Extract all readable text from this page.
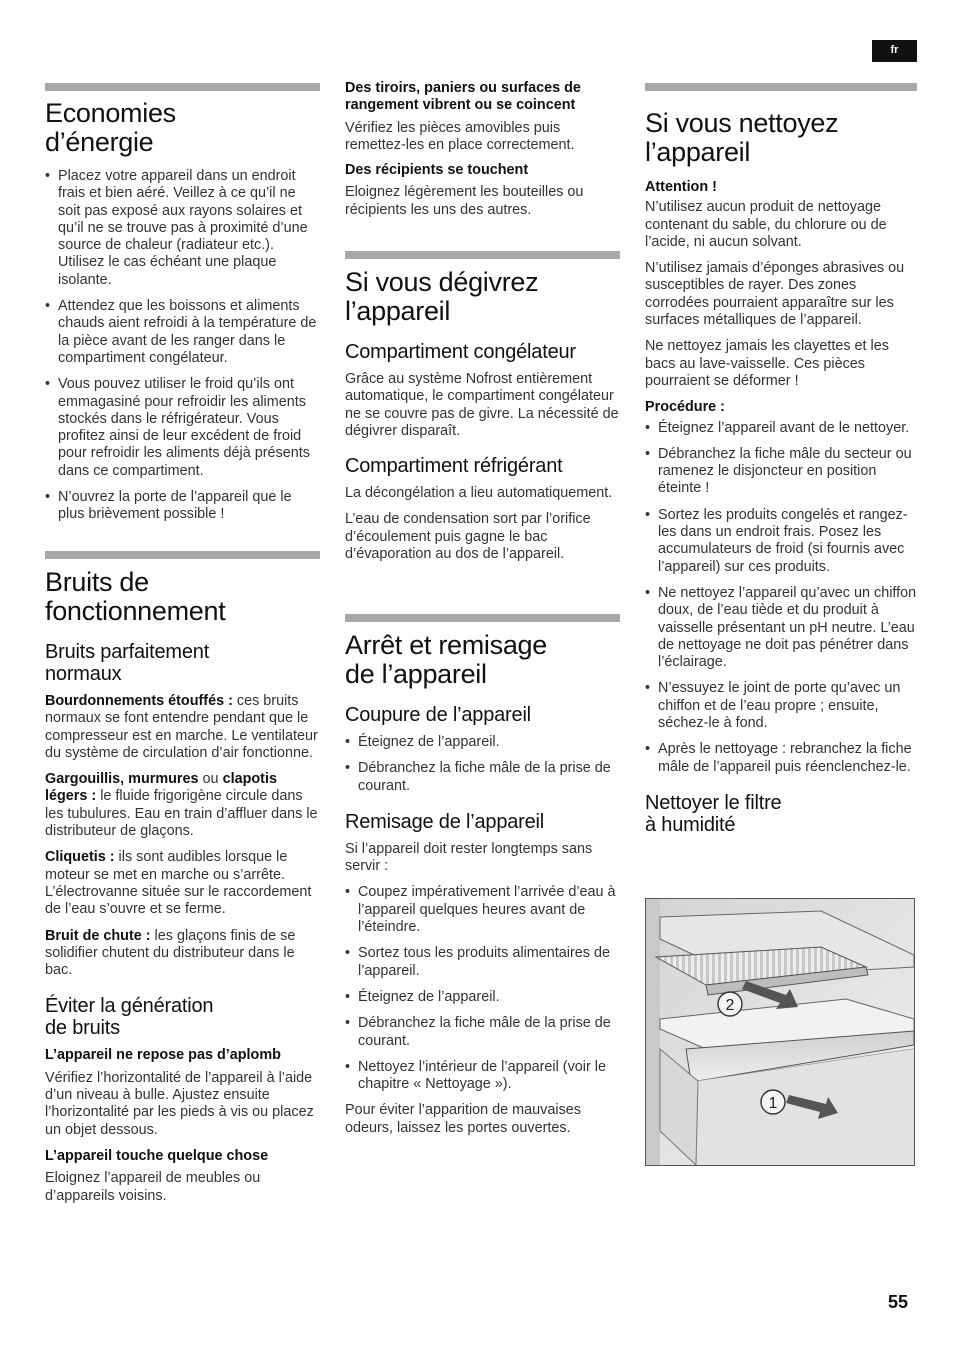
fr
Economies
d’énergie
• Placez votre appareil dans un endroit frais et bien aéré. Veillez à ce qu’il ne soit pas exposé aux rayons solaires et qu’il ne se trouve pas à proximité d’une source de chaleur (radiateur etc.). Utilisez le cas échéant une plaque isolante.
• Attendez que les boissons et aliments chauds aient refroidi à la température de la pièce avant de les ranger dans le compartiment congélateur.
• Vous pouvez utiliser le froid qu’ils ont emmagasiné pour refroidir les aliments stockés dans le réfrigérateur. Vous profitez ainsi de leur excédent de froid pour refroidir les aliments déjà présents dans ce compartiment.
• N’ouvrez la porte de l’appareil que le plus brièvement possible !
Bruits de
fonctionnement
Bruits parfaitement
normaux

Bourdonnements étouffés : ces bruits normaux se font entendre pendant que le compresseur est en marche. Le ventilateur du système de circulation d’air fonctionne.

Gargouillis, murmures ou clapotis légers : le fluide frigorigène circule dans les tubulures. Eau en train d’affluer dans le distributeur de glaçons.

Cliquetis : ils sont audibles lorsque le moteur se met en marche ou s’arrête. L’électrovanne située sur le raccordement de l’eau s’ouvre et se ferme.

Bruit de chute : les glaçons finis de se solidifier chutent du distributeur dans le bac.

Éviter la génération
de bruits

L’appareil ne repose pas d’aplomb

Vérifiez l’horizontalité de l’appareil à l’aide d’un niveau à bulle. Ajustez ensuite l’horizontalité par les pieds à vis ou placez un objet dessous.

L’appareil touche quelque chose

Eloignez l’appareil de meubles ou d’appareils voisins.

Des tiroirs, paniers ou surfaces de rangement vibrent ou se coincent

Vérifiez les pièces amovibles puis remettez-les en place correctement.

Des récipients se touchent

Eloignez légèrement les bouteilles ou récipients les uns des autres.

Si vous dégivrez
l’appareil
Compartiment congélateur

Grâce au système Nofrost entièrement automatique, le compartiment congélateur ne se couvre pas de givre. La nécessité de dégivrer disparaît.

Compartiment réfrigérant

La décongélation a lieu automatiquement.

L’eau de condensation sort par l’orifice d’écoulement puis gagne le bac d’évaporation au dos de l’appareil.

Arrêt et remisage
de l’appareil
Coupure de l’appareil
• Éteignez de l’appareil.
• Débranchez la fiche mâle de la prise de courant.
Remisage de l’appareil

Si l’appareil doit rester longtemps sans servir :

• Coupez impérativement l’arrivée d’eau à l’appareil quelques heures avant de l’éteindre.
• Sortez tous les produits alimentaires de l’appareil.
• Éteignez de l’appareil.
• Débranchez la fiche mâle de la prise de courant.
• Nettoyez l’intérieur de l’appareil (voir le chapitre « Nettoyage »).

Pour éviter l’apparition de mauvaises odeurs, laissez les portes ouvertes.

Si vous nettoyez
l’appareil

Attention !

N’utilisez aucun produit de nettoyage contenant du sable, du chlorure ou de l’acide, ni aucun solvant.

N’utilisez jamais d’éponges abrasives ou susceptibles de rayer. Des zones corrodées pourraient apparaître sur les surfaces métalliques de l’appareil.

Ne nettoyez jamais les clayettes et les bacs au lave-vaisselle. Ces pièces pourraient se déformer !

Procédure :

• Éteignez l’appareil avant de le nettoyer.
• Débranchez la fiche mâle du secteur ou ramenez le disjoncteur en position éteinte !
• Sortez les produits congelés et rangez-les dans un endroit frais. Posez les accumulateurs de froid (si fournis avec l’appareil) sur ces produits.
• Ne nettoyez l’appareil qu’avec un chiffon doux, de l’eau tiède et du produit à vaisselle présentant un pH neutre. L’eau de nettoyage ne doit pas pénétrer dans l’éclairage.
• N’essuyez le joint de porte qu’avec un chiffon et de l’eau propre ; ensuite, séchez-le à fond.
• Après le nettoyage : rebranchez la fiche mâle de l’appareil puis réenclenchez-le.
Nettoyer le filtre
à humidité
2
1
55
